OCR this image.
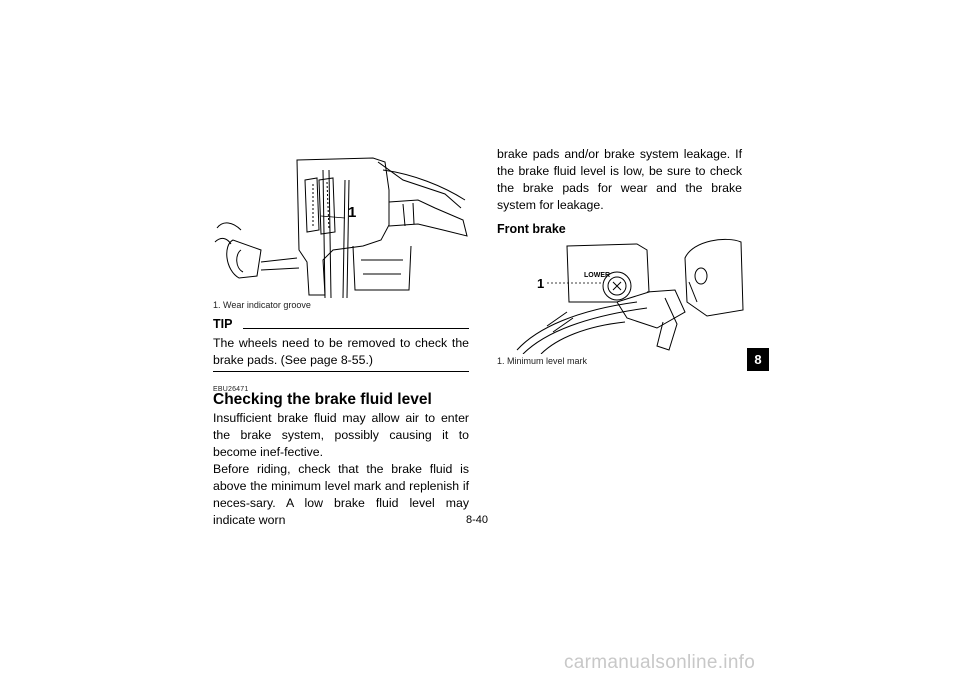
1
1. Wear indicator groove
TIP
The wheels need to be removed to check the brake pads. (See page 8-55.)
EBU26471
Checking the brake fluid level

Insufficient brake fluid may allow air to enter the brake system, possibly causing it to become inef-fective.

Before riding, check that the brake fluid is above the minimum level mark and replenish if neces-sary. A low brake fluid level may indicate worn

brake pads and/or brake system leakage. If the brake fluid level is low, be sure to check the brake pads for wear and the brake system for leakage.

Front brake
LOWER
1
1. Minimum level mark	8
8-40
carmanualsonline.info
